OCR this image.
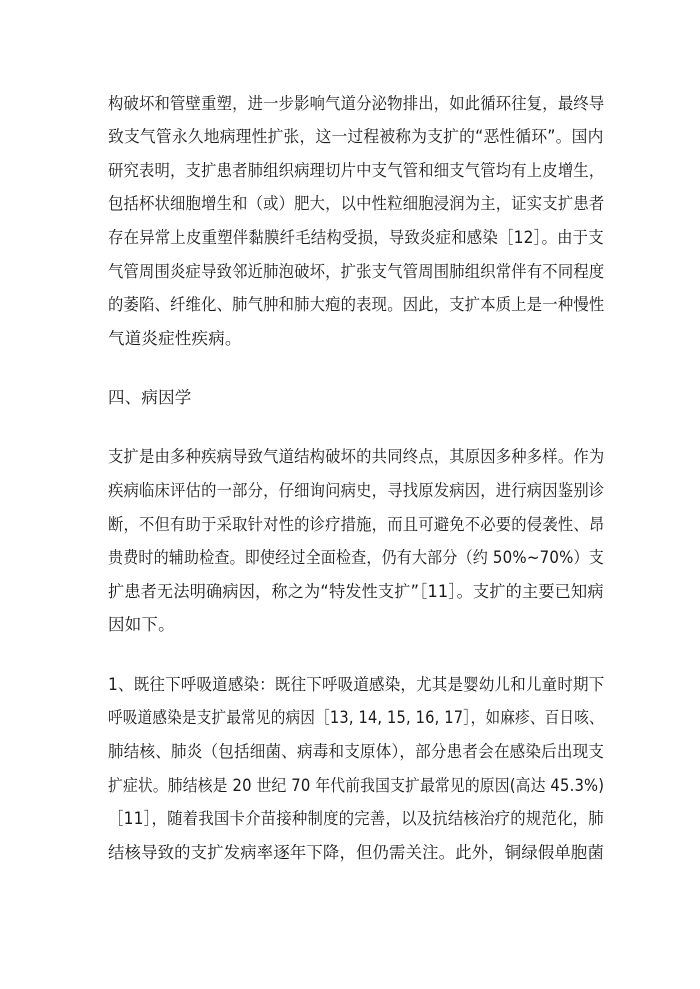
构破坏和管壁重塑，进一步影响气道分泌物排出，如此循环往复，最终导
致支气管永久地病理性扩张，这一过程被称为支扩的“恶性循环”。国内
研究表明，支扩患者肺组织病理切片中支气管和细支气管均有上皮增生，
包括杯状细胞增生和（或）肥大，以中性粒细胞浸润为主，证实支扩患者
存在异常上皮重塑伴黏膜纤毛结构受损，导致炎症和感染［12］。由于支
气管周围炎症导致邻近肺泡破坏，扩张支气管周围肺组织常伴有不同程度
的萎陷、纤维化、肺气肿和肺大疱的表现。因此，支扩本质上是一种慢性
气道炎症性疾病。
四、病因学
支扩是由多种疾病导致气道结构破坏的共同终点，其原因多种多样。作为
疾病临床评估的一部分，仔细询问病史，寻找原发病因，进行病因鉴别诊
断，不但有助于采取针对性的诊疗措施，而且可避免不必要的侵袭性、昂
贵费时的辅助检查。即使经过全面检查，仍有大部分（约 50%~70%）支
扩患者无法明确病因，称之为“特发性支扩”［11］。支扩的主要已知病
因如下。
1、既往下呼吸道感染：既往下呼吸道感染，尤其是婴幼儿和儿童时期下
呼吸道感染是支扩最常见的病因［13, 14, 15, 16, 17］，如麻疹、百日咳、
肺结核、肺炎（包括细菌、病毒和支原体），部分患者会在感染后出现支
扩症状。肺结核是 20 世纪 70 年代前我国支扩最常见的原因(高达 45.3%)
［11］，随着我国卡介苗接种制度的完善，以及抗结核治疗的规范化，肺
结核导致的支扩发病率逐年下降，但仍需关注。此外，铜绿假单胞菌
